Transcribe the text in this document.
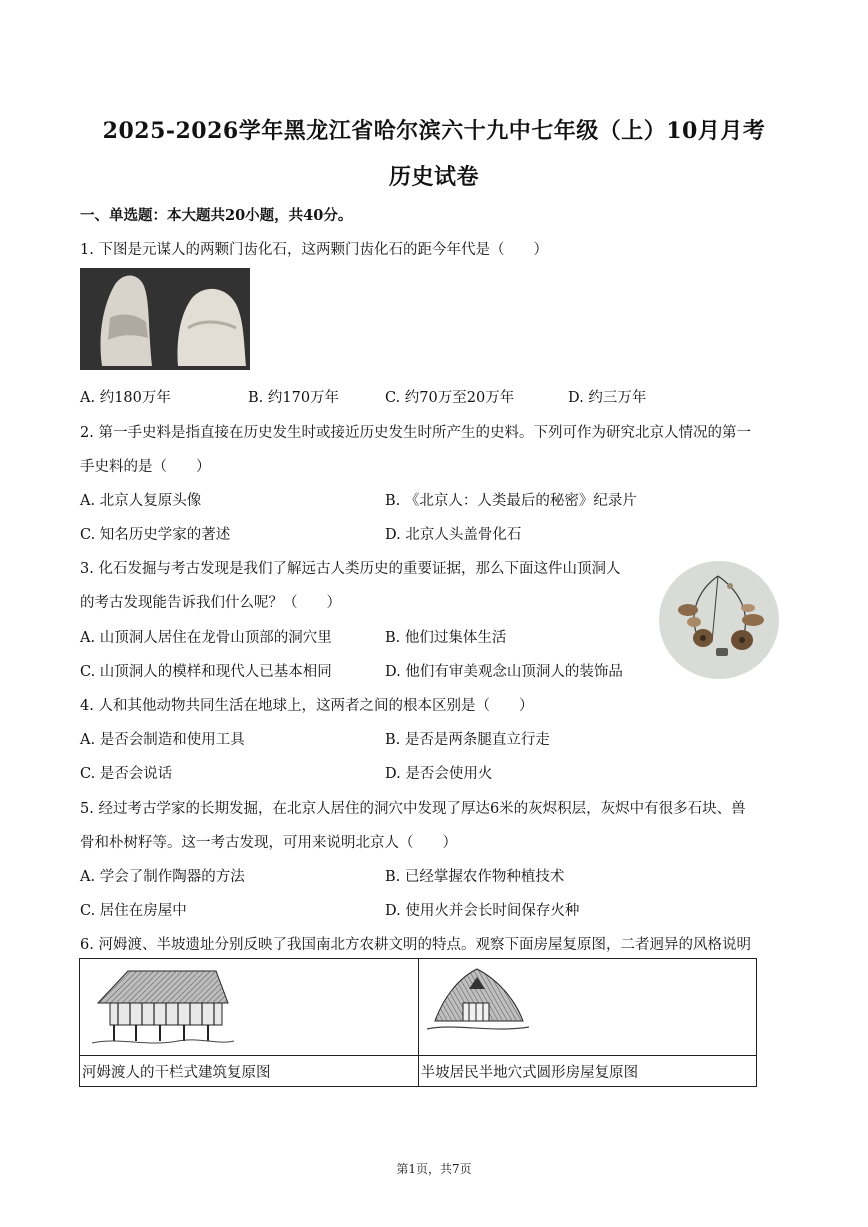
2025-2026学年黑龙江省哈尔滨六十九中七年级（上）10月月考
历史试卷
一、单选题：本大题共20小题，共40分。
1. 下图是元谋人的两颗门齿化石，这两颗门齿化石的距今年代是（　　）
A. 约180万年	B. 约170万年	C. 约70万至20万年	D. 约三万年
2. 第一手史料是指直接在历史发生时或接近历史发生时所产生的史料。下列可作为研究北京人情况的第一
手史料的是（　　）
A. 北京人复原头像	B. 《北京人：人类最后的秘密》纪录片
C. 知名历史学家的著述	D. 北京人头盖骨化石
3. 化石发掘与考古发现是我们了解远古人类历史的重要证据，那么下面这件山顶洞人
的考古发现能告诉我们什么呢？（　　）
A. 山顶洞人居住在龙骨山顶部的洞穴里	B. 他们过集体生活
C. 山顶洞人的模样和现代人已基本相同	D. 他们有审美观念山顶洞人的装饰品
4. 人和其他动物共同生活在地球上，这两者之间的根本区别是（　　）
A. 是否会制造和使用工具	B. 是否是两条腿直立行走
C. 是否会说话	D. 是否会使用火
5. 经过考古学家的长期发掘，在北京人居住的洞穴中发现了厚达6米的灰烬积层，灰烬中有很多石块、兽
骨和朴树籽等。这一考古发现，可用来说明北京人（　　）
A. 学会了制作陶器的方法	B. 已经掌握农作物种植技术
C. 居住在房屋中	D. 使用火并会长时间保存火种
6. 河姆渡、半坡遗址分别反映了我国南北方农耕文明的特点。观察下面房屋复原图，二者迥异的风格说明

河姆渡人的干栏式建筑复原图	半坡居民半地穴式圆形房屋复原图
第1页，共7页
